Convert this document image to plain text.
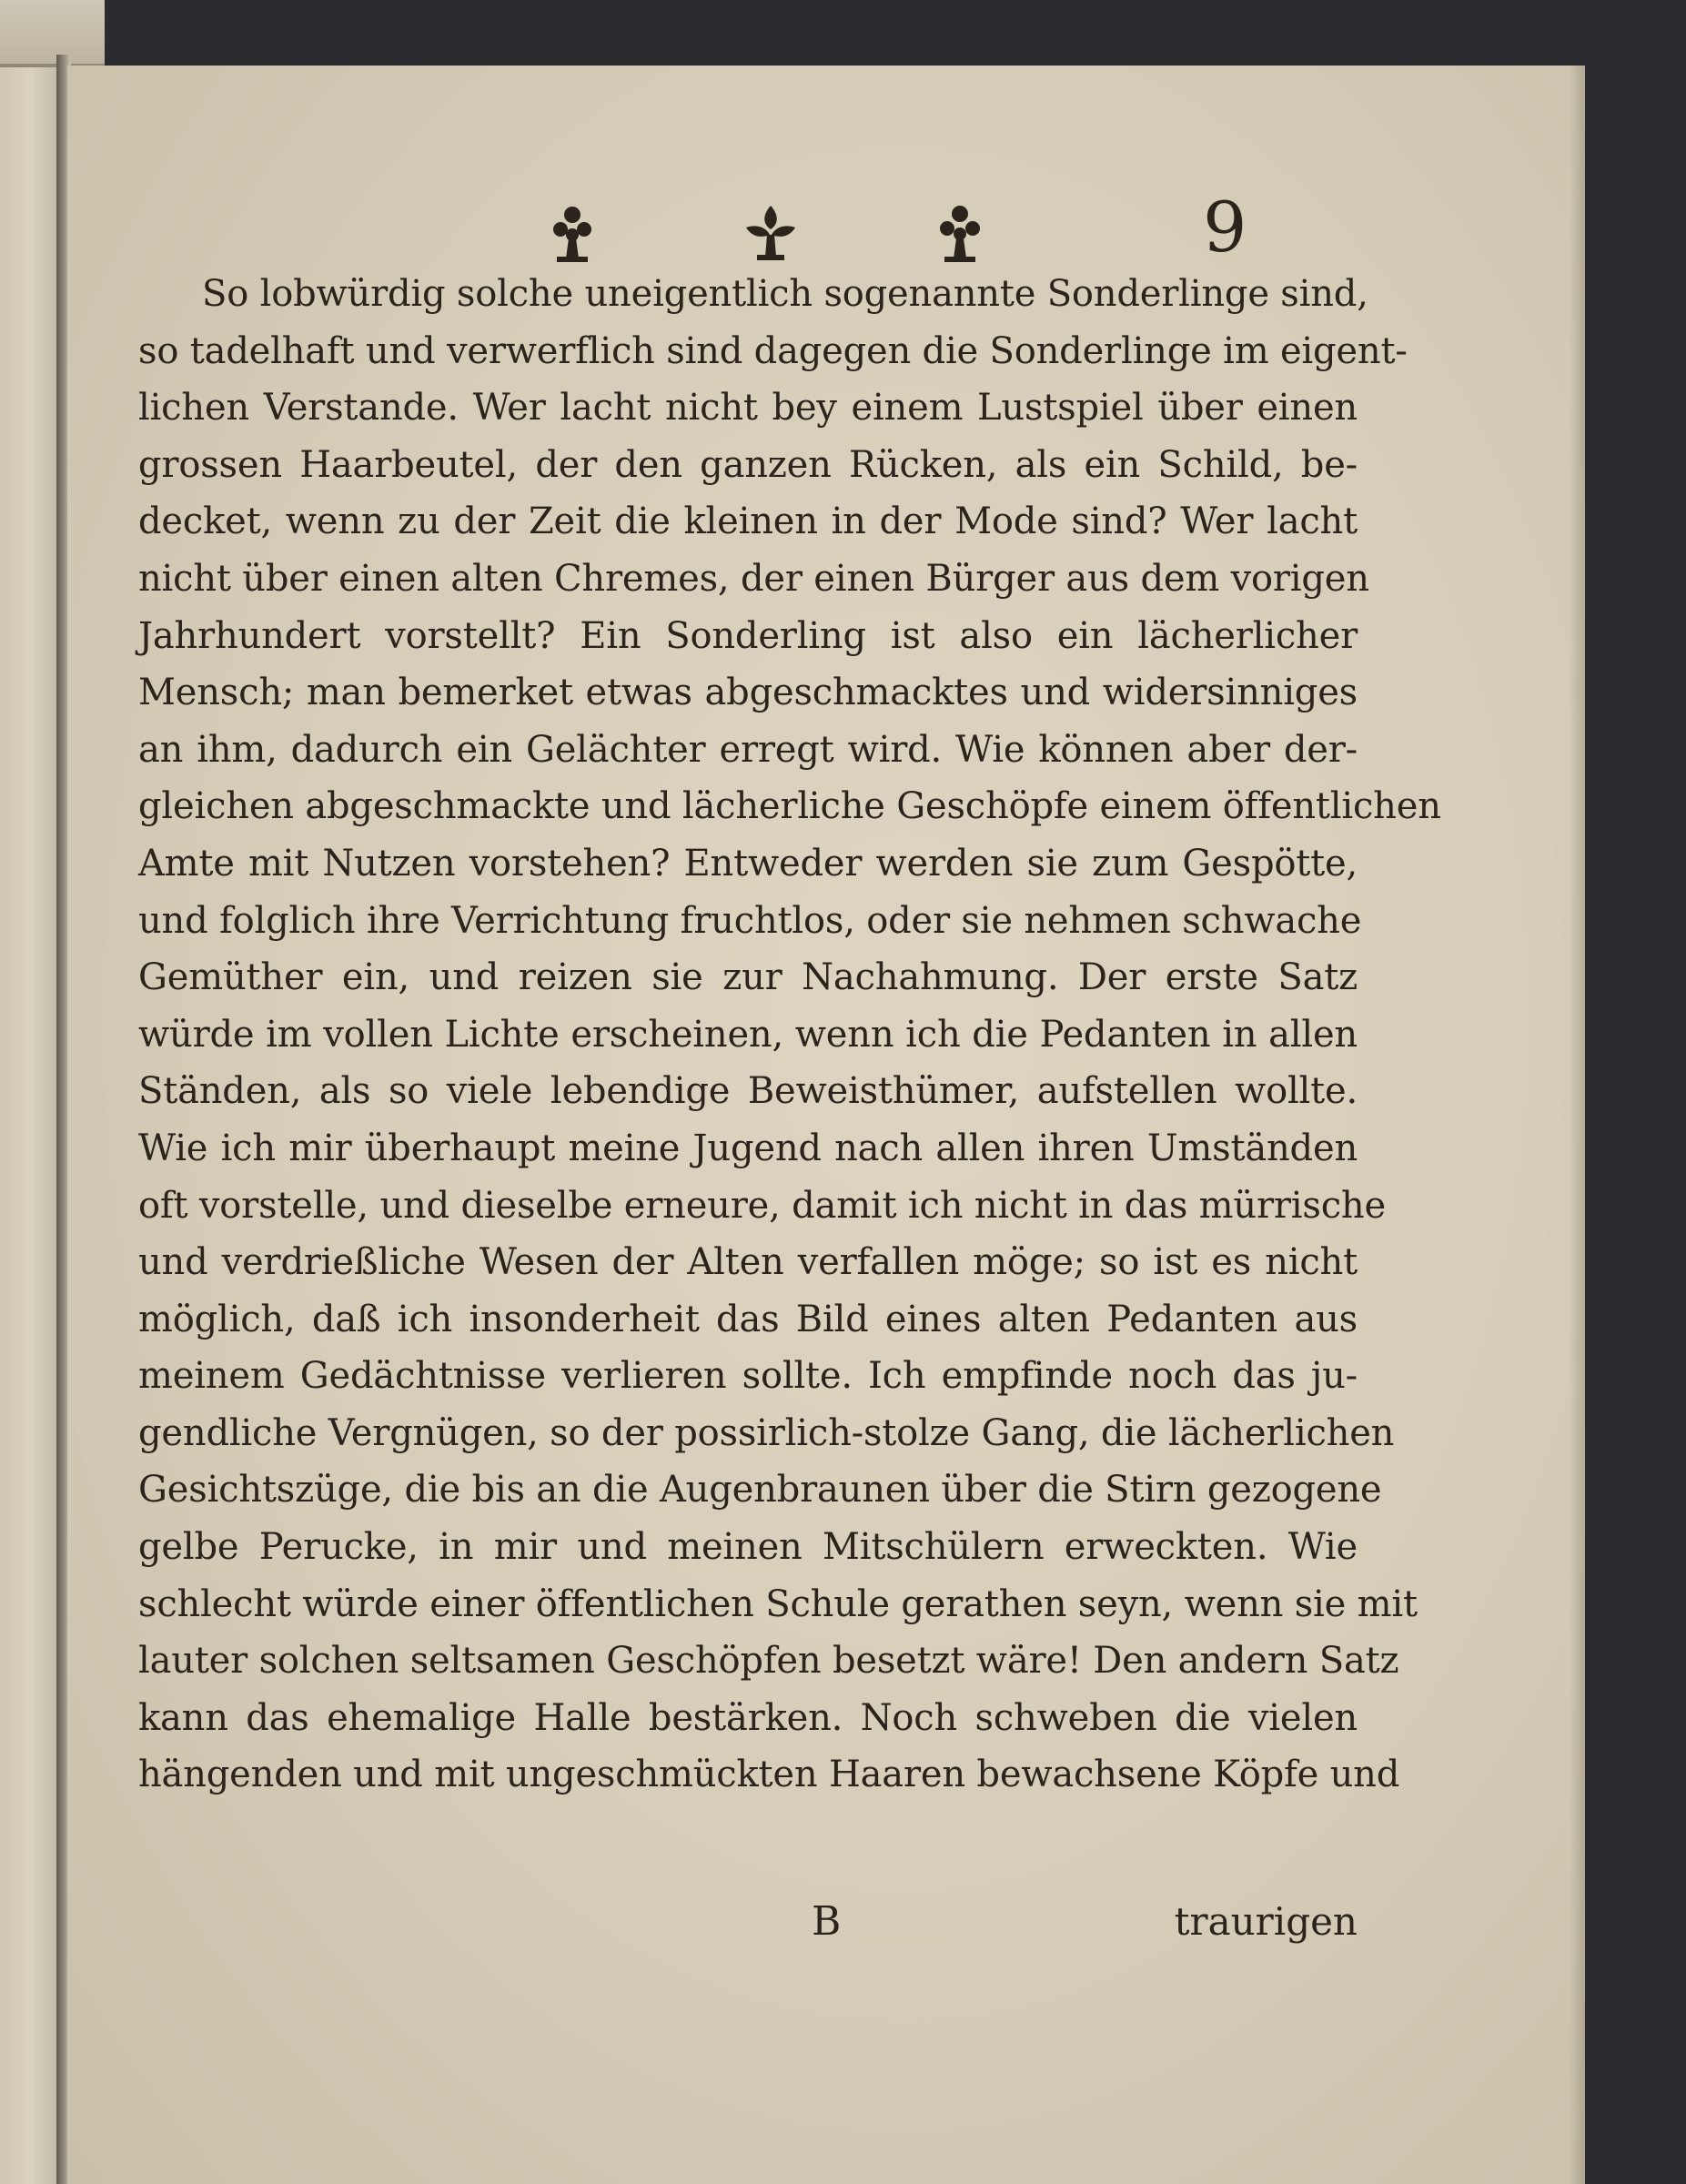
9
So lobwürdig solche uneigentlich sogenannte Sonderlinge sind,
so tadelhaft und verwerflich sind dagegen die Sonderlinge im eigent-
lichen Verstande. Wer lacht nicht bey einem Lustspiel über einen
grossen Haarbeutel, der den ganzen Rücken, als ein Schild, be-
decket, wenn zu der Zeit die kleinen in der Mode sind? Wer lacht
nicht über einen alten Chremes, der einen Bürger aus dem vorigen
Jahrhundert vorstellt? Ein Sonderling ist also ein lächerlicher
Mensch; man bemerket etwas abgeschmacktes und widersinniges
an ihm, dadurch ein Gelächter erregt wird. Wie können aber der-
gleichen abgeschmackte und lächerliche Geschöpfe einem öffentlichen
Amte mit Nutzen vorstehen? Entweder werden sie zum Gespötte,
und folglich ihre Verrichtung fruchtlos, oder sie nehmen schwache
Gemüther ein, und reizen sie zur Nachahmung. Der erste Satz
würde im vollen Lichte erscheinen, wenn ich die Pedanten in allen
Ständen, als so viele lebendige Beweisthümer, aufstellen wollte.
Wie ich mir überhaupt meine Jugend nach allen ihren Umständen
oft vorstelle, und dieselbe erneure, damit ich nicht in das mürrische
und verdrießliche Wesen der Alten verfallen möge; so ist es nicht
möglich, daß ich insonderheit das Bild eines alten Pedanten aus
meinem Gedächtnisse verlieren sollte. Ich empfinde noch das ju-
gendliche Vergnügen, so der possirlich-stolze Gang, die lächerlichen
Gesichtszüge, die bis an die Augenbraunen über die Stirn gezogene
gelbe Perucke, in mir und meinen Mitschülern erweckten. Wie
schlecht würde einer öffentlichen Schule gerathen seyn, wenn sie mit
lauter solchen seltsamen Geschöpfen besetzt wäre! Den andern Satz
kann das ehemalige Halle bestärken. Noch schweben die vielen
hängenden und mit ungeschmückten Haaren bewachsene Köpfe und
B	traurigen
